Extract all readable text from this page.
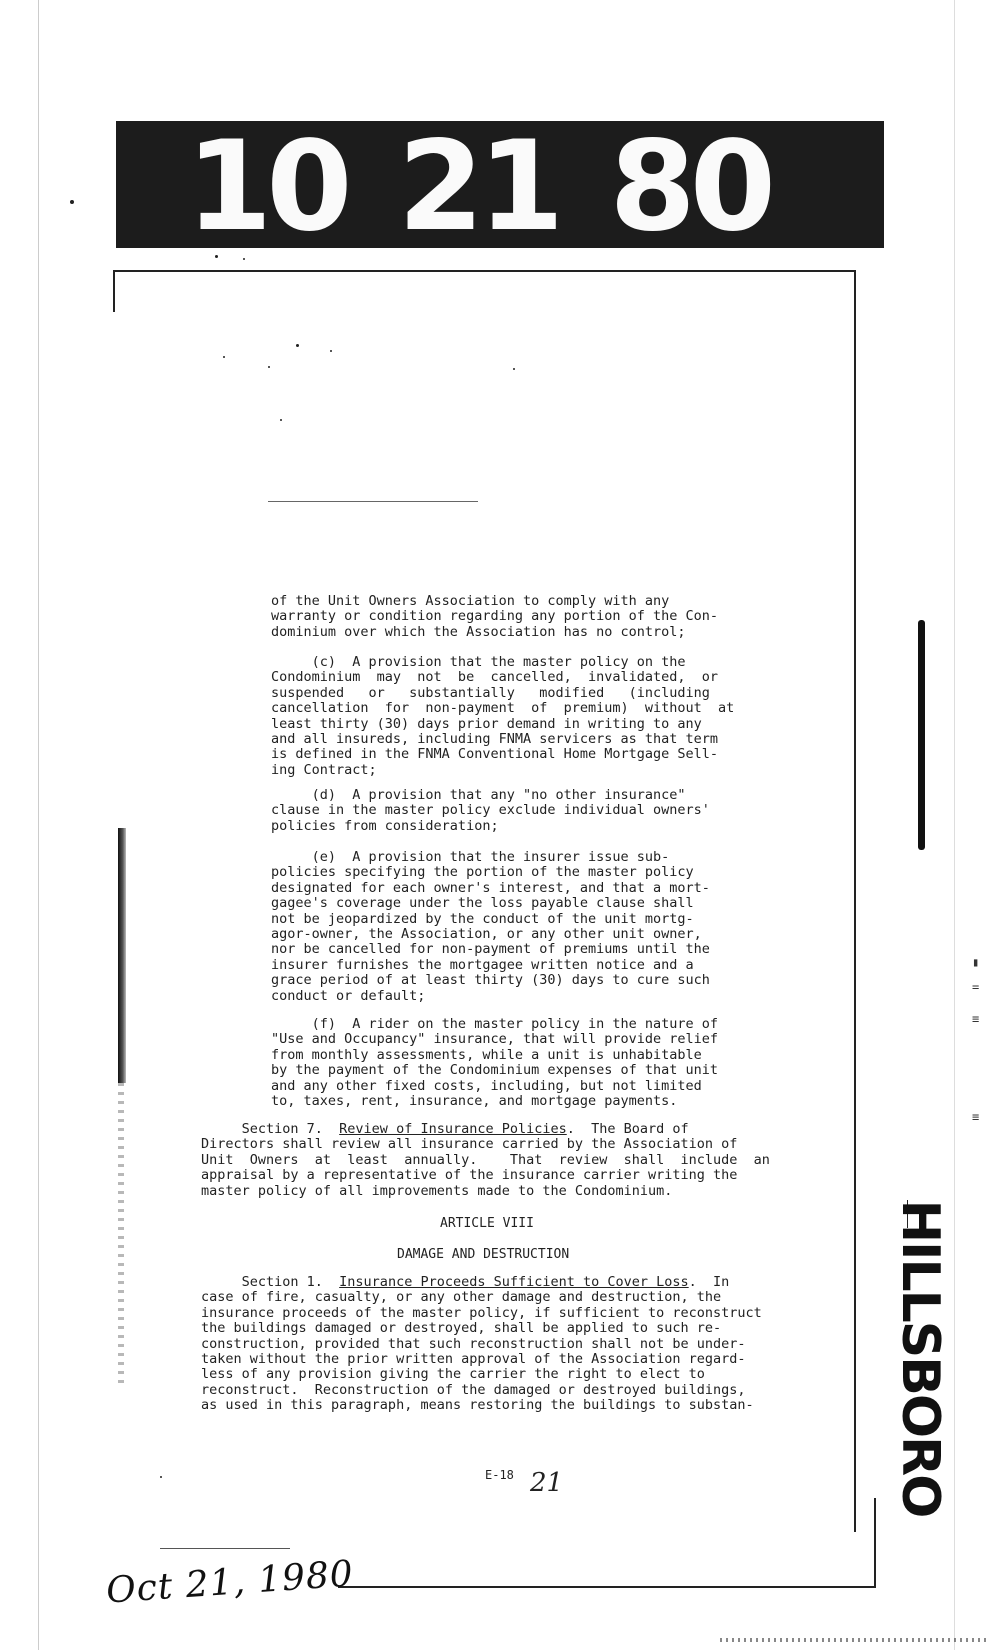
10 21 80
▮
=
≡
≡
HILLSBORO
of the Unit Owners Association to comply with any
warranty or condition regarding any portion of the Con-
dominium over which the Association has no control;
(c)  A provision that the master policy on the
Condominium  may  not  be  cancelled,  invalidated,  or
suspended   or   substantially   modified   (including
cancellation  for  non-payment  of  premium)  without  at
least thirty (30) days prior demand in writing to any
and all insureds, including FNMA servicers as that term
is defined in the FNMA Conventional Home Mortgage Sell-
ing Contract;
(d)  A provision that any "no other insurance"
clause in the master policy exclude individual owners'
policies from consideration;
(e)  A provision that the insurer issue sub-
policies specifying the portion of the master policy
designated for each owner's interest, and that a mort-
gagee's coverage under the loss payable clause shall
not be jeopardized by the conduct of the unit mortg-
agor-owner, the Association, or any other unit owner,
nor be cancelled for non-payment of premiums until the
insurer furnishes the mortgagee written notice and a
grace period of at least thirty (30) days to cure such
conduct or default;
(f)  A rider on the master policy in the nature of
"Use and Occupancy" insurance, that will provide relief
from monthly assessments, while a unit is unhabitable
by the payment of the Condominium expenses of that unit
and any other fixed costs, including, but not limited
to, taxes, rent, insurance, and mortgage payments.
Section 7.  Review of Insurance Policies.  The Board of
Directors shall review all insurance carried by the Association of
Unit  Owners  at  least  annually.    That  review  shall  include  an
appraisal by a representative of the insurance carrier writing the
master policy of all improvements made to the Condominium.
ARTICLE VIII
DAMAGE AND DESTRUCTION
Section 1.  Insurance Proceeds Sufficient to Cover Loss.  In
case of fire, casualty, or any other damage and destruction, the
insurance proceeds of the master policy, if sufficient to reconstruct
the buildings damaged or destroyed, shall be applied to such re-
construction, provided that such reconstruction shall not be under-
taken without the prior written approval of the Association regard-
less of any provision giving the carrier the right to elect to
reconstruct.  Reconstruction of the damaged or destroyed buildings,
as used in this paragraph, means restoring the buildings to substan-
E-18 21
Oct 21, 1980
